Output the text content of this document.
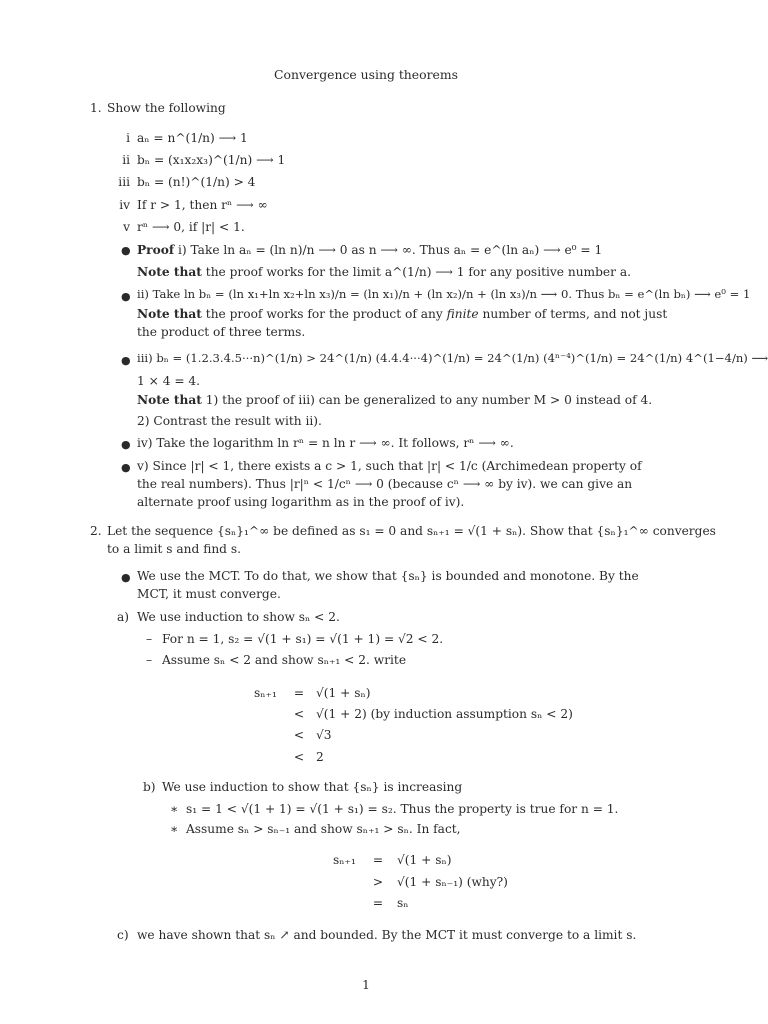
Convergence using theorems
1. Show the following
i aₙ = n^(1/n) ⟶ 1
ii bₙ = (x₁x₂x₃)^(1/n) ⟶ 1
iii bₙ = (n!)^(1/n) > 4
iv If r > 1, then rⁿ ⟶ ∞
v rⁿ ⟶ 0, if |r| < 1.
● Proof i) Take ln aₙ = (ln n)/n ⟶ 0 as n ⟶ ∞. Thus aₙ = e^(ln aₙ) ⟶ e⁰ = 1
Note that the proof works for the limit a^(1/n) ⟶ 1 for any positive number a.
● ii) Take ln bₙ = (ln x₁+ln x₂+ln x₃)/n = (ln x₁)/n + (ln x₂)/n + (ln x₃)/n ⟶ 0. Thus bₙ = e^(ln bₙ) ⟶ e⁰ = 1
Note that the proof works for the product of any finite number of terms, and not just
the product of three terms.
● iii) bₙ = (1.2.3.4.5···n)^(1/n) > 24^(1/n) (4.4.4···4)^(1/n) = 24^(1/n) (4ⁿ⁻⁴)^(1/n) = 24^(1/n) 4^(1−4/n) ⟶
1 × 4 = 4.
Note that 1) the proof of iii) can be generalized to any number M > 0 instead of 4.
2) Contrast the result with ii).
● iv) Take the logarithm ln rⁿ = n ln r ⟶ ∞. It follows, rⁿ ⟶ ∞.
● v) Since |r| < 1, there exists a c > 1, such that |r| < 1/c (Archimedean property of
the real numbers). Thus |r|ⁿ < 1/cⁿ ⟶ 0 (because cⁿ ⟶ ∞ by iv). we can give an
alternate proof using logarithm as in the proof of iv).
2. Let the sequence {sₙ}₁^∞ be defined as s₁ = 0 and sₙ₊₁ = √(1 + sₙ). Show that {sₙ}₁^∞ converges
to a limit s and find s.
● We use the MCT. To do that, we show that {sₙ} is bounded and monotone. By the
MCT, it must converge.
a) We use induction to show sₙ < 2.
– For n = 1, s₂ = √(1 + s₁) = √(1 + 1) = √2 < 2.
– Assume sₙ < 2 and show sₙ₊₁ < 2. write
sₙ₊₁ = √(1 + sₙ)
< √(1 + 2) (by induction assumption sₙ < 2)
< √3
< 2
b) We use induction to show that {sₙ} is increasing
∗ s₁ = 1 < √(1 + 1) = √(1 + s₁) = s₂. Thus the property is true for n = 1.
∗ Assume sₙ > sₙ₋₁ and show sₙ₊₁ > sₙ. In fact,
sₙ₊₁ = √(1 + sₙ)
> √(1 + sₙ₋₁) (why?)
= sₙ
c) we have shown that sₙ ↗ and bounded. By the MCT it must converge to a limit s.
1
